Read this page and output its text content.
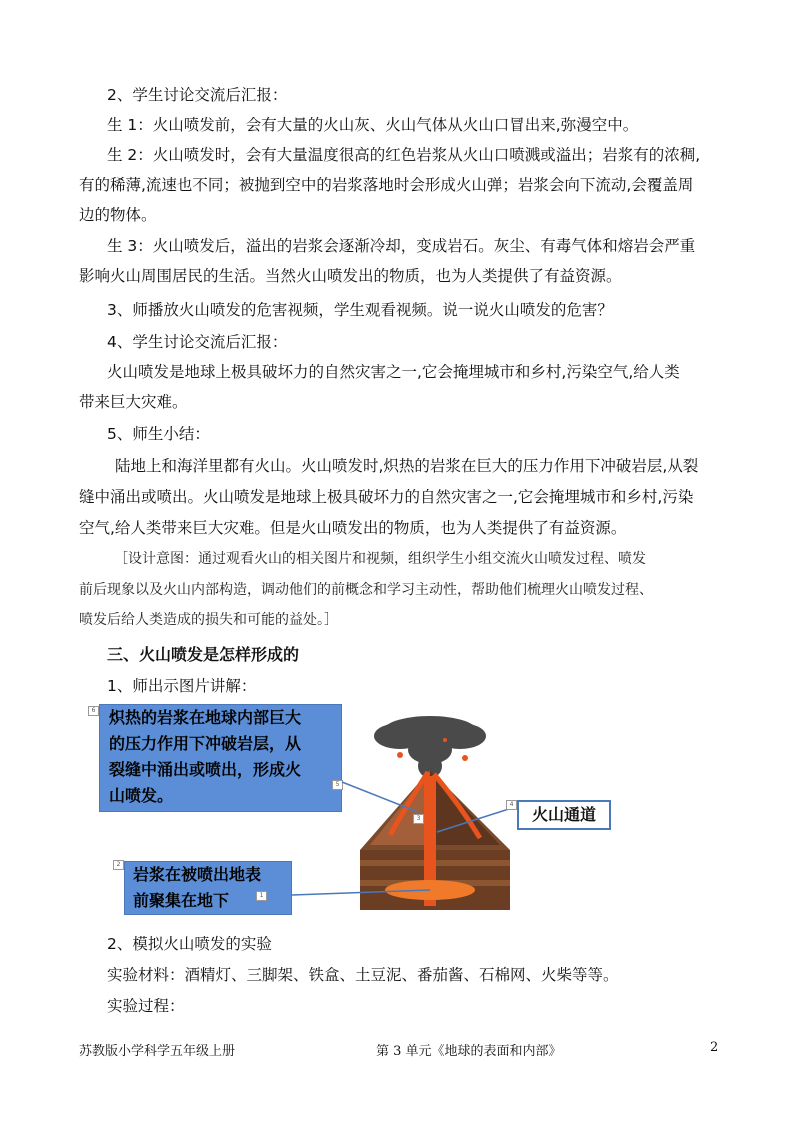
2、学生讨论交流后汇报：
生 1：火山喷发前，会有大量的火山灰、火山气体从火山口冒出来,弥漫空中。
生 2：火山喷发时，会有大量温度很高的红色岩浆从火山口喷溅或溢出；岩浆有的浓稠,
有的稀薄,流速也不同；被抛到空中的岩浆落地时会形成火山弹；岩浆会向下流动,会覆盖周
边的物体。
生 3：火山喷发后，溢出的岩浆会逐渐冷却，变成岩石。灰尘、有毒气体和熔岩会严重
影响火山周围居民的生活。当然火山喷发出的物质，也为人类提供了有益资源。
3、师播放火山喷发的危害视频，学生观看视频。说一说火山喷发的危害？
4、学生讨论交流后汇报：
火山喷发是地球上极具破坏力的自然灾害之一,它会掩埋城市和乡村,污染空气,给人类
带来巨大灾难。
5、师生小结：
陆地上和海洋里都有火山。火山喷发时,炽热的岩浆在巨大的压力作用下冲破岩层,从裂
缝中涌出或喷出。火山喷发是地球上极具破坏力的自然灾害之一,它会掩埋城市和乡村,污染
空气,给人类带来巨大灾难。但是火山喷发出的物质，也为人类提供了有益资源。
［设计意图：通过观看火山的相关图片和视频，组织学生小组交流火山喷发过程、喷发
前后现象以及火山内部构造，调动他们的前概念和学习主动性，帮助他们梳理火山喷发过程、
喷发后给人类造成的损失和可能的益处。］
三、火山喷发是怎样形成的
1、师出示图片讲解：
6 炽热的岩浆在地球内部巨大
的压力作用下冲破岩层，从
裂缝中涌出或喷出，形成火
山喷发。
5
4
3	火山通道
2
岩浆在被喷出地表
前聚集在地下	1
2、模拟火山喷发的实验
实验材料：酒精灯、三脚架、铁盒、土豆泥、番茄酱、石棉网、火柴等等。
实验过程：
苏教版小学科学五年级上册	第 3 单元《地球的表面和内部》	2
